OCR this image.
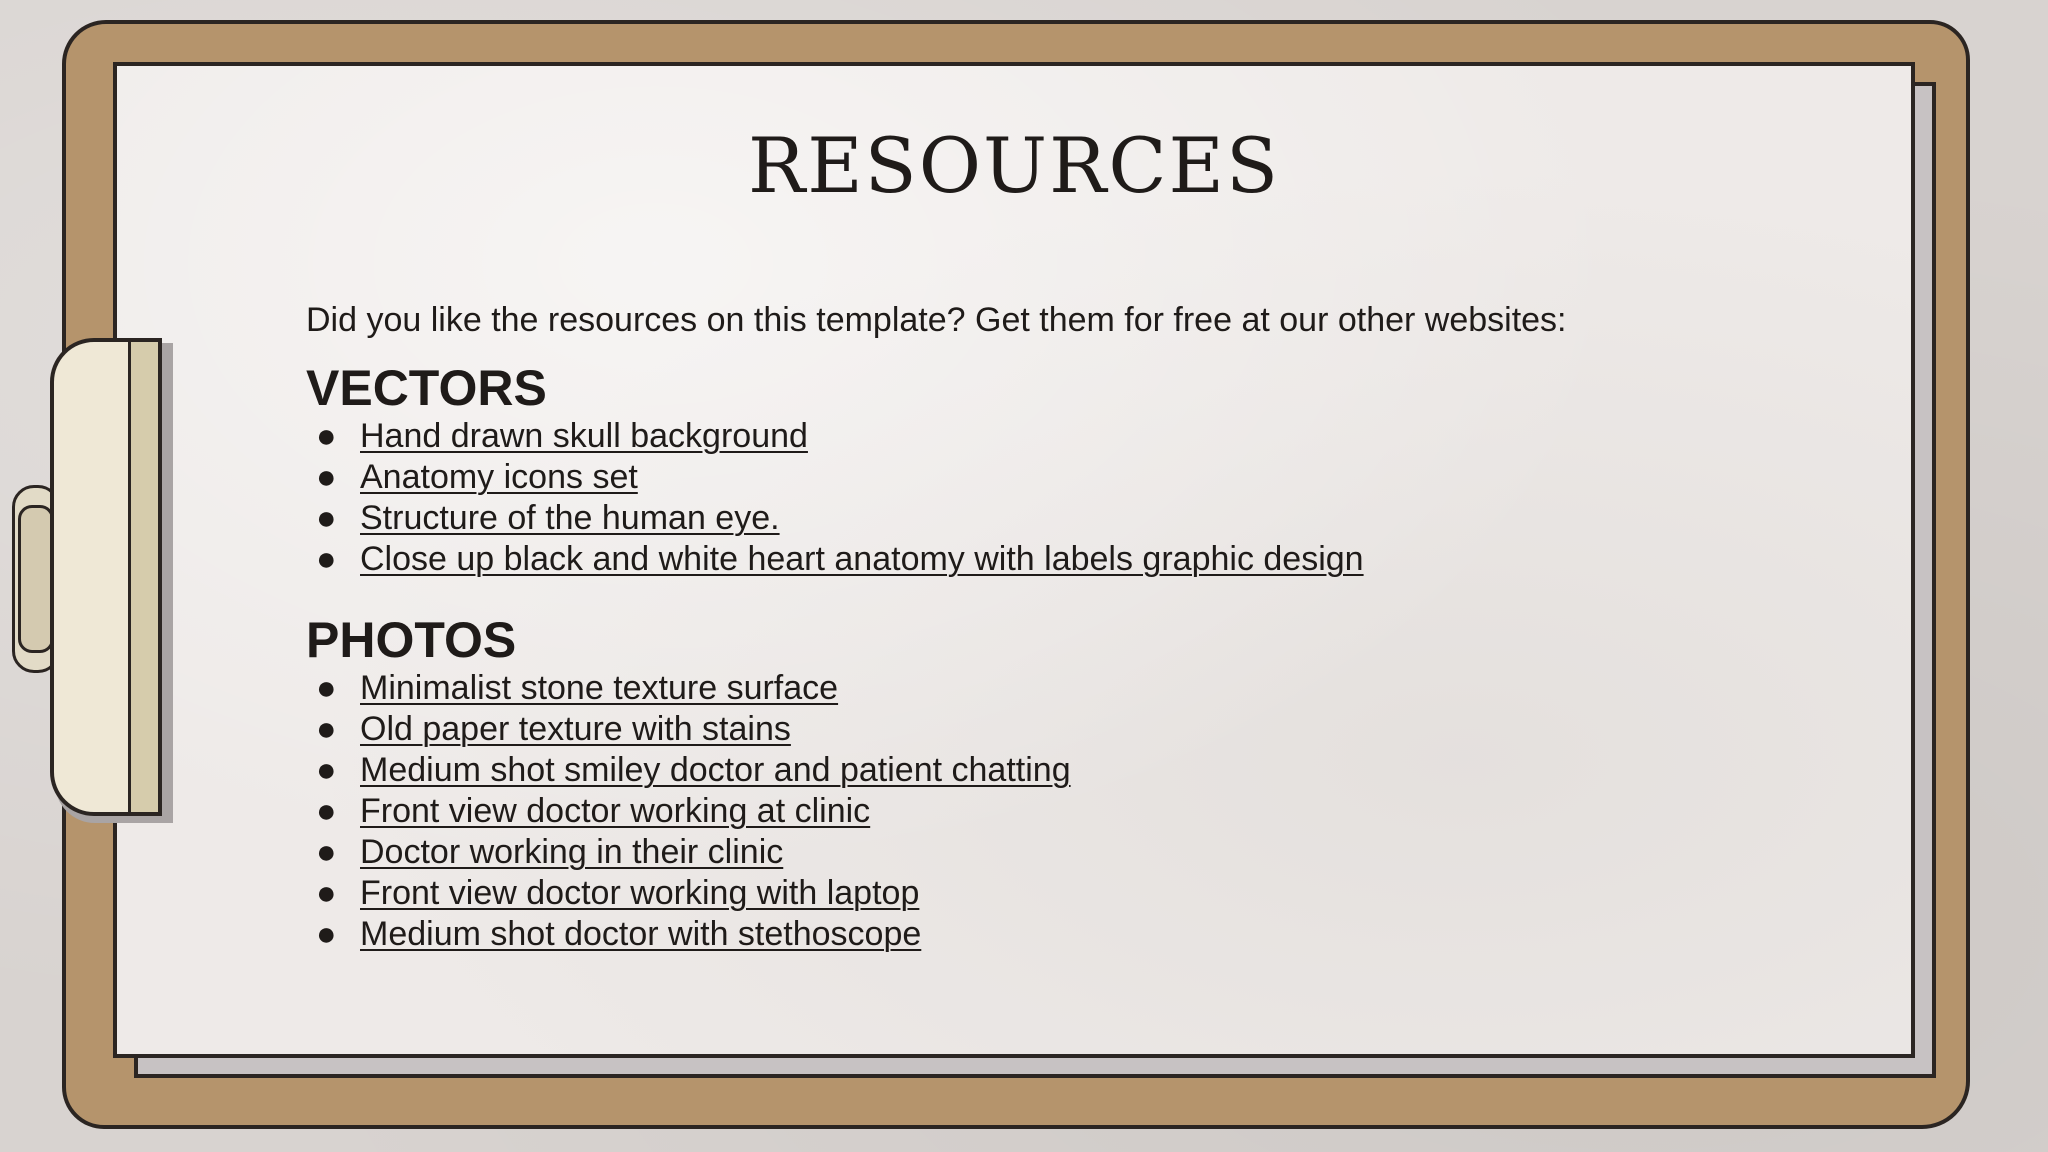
RESOURCES

Did you like the resources on this template? Get them for free at our other websites:

VECTORS
● Hand drawn skull background
● Anatomy icons set
● Structure of the human eye.
● Close up black and white heart anatomy with labels graphic design
PHOTOS
● Minimalist stone texture surface
● Old paper texture with stains
● Medium shot smiley doctor and patient chatting
● Front view doctor working at clinic
● Doctor working in their clinic
● Front view doctor working with laptop
● Medium shot doctor with stethoscope
